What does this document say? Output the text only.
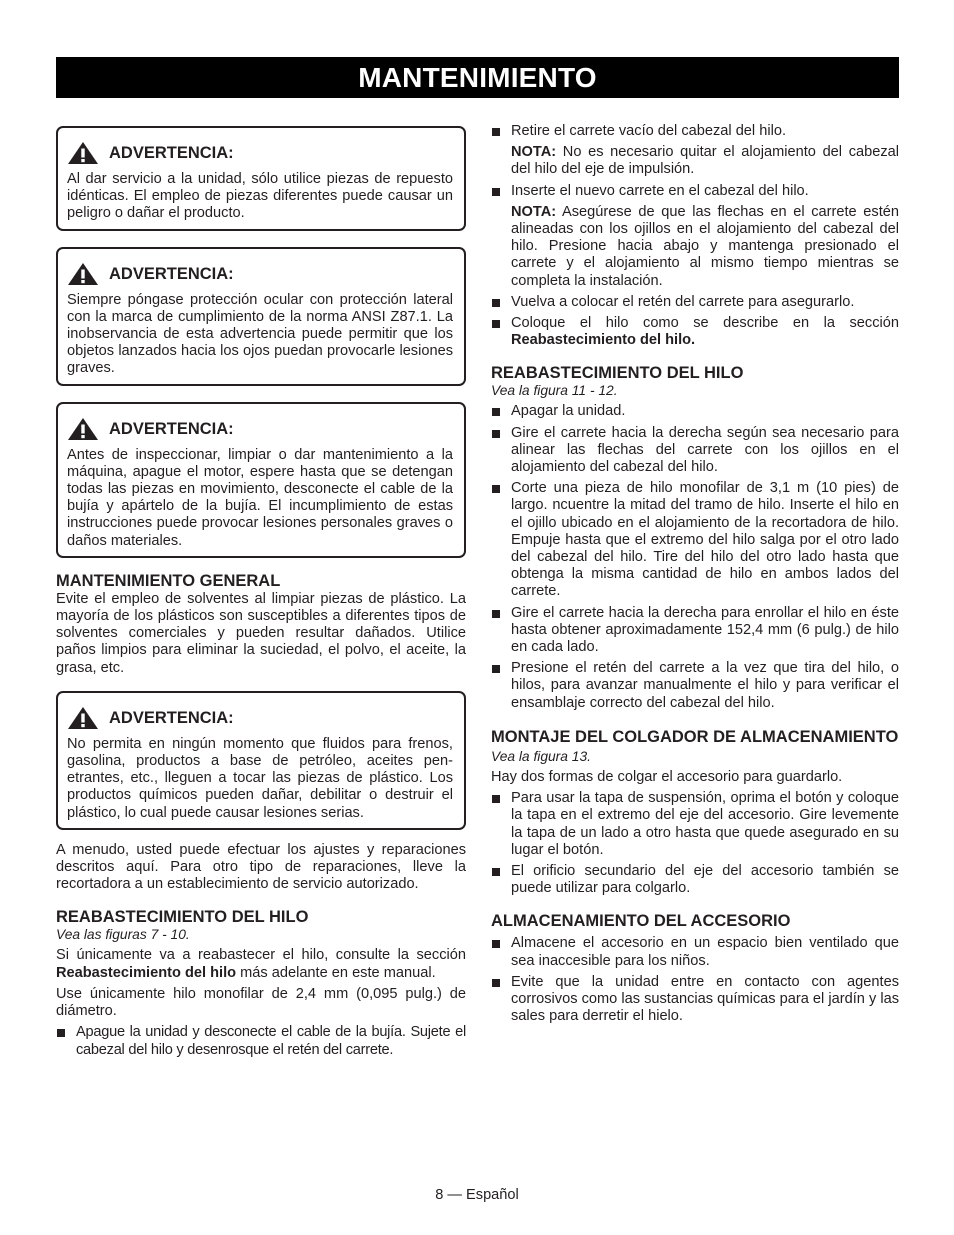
MANTENIMIENTO
ADVERTENCIA:

Al dar servicio a la unidad, sólo utilice piezas de repuesto idénticas. El empleo de piezas diferentes puede causar un peligro o dañar el producto.

ADVERTENCIA:

Siempre póngase protección ocular con protección lateral con la marca de cumplimiento de la norma ANSI Z87.1. La inobservancia de esta advertencia puede permitir que los objetos lanzados hacia los ojos puedan provocarle lesiones graves.

ADVERTENCIA:

Antes de inspeccionar, limpiar o dar mantenimiento a la máquina, apague el motor, espere hasta que se detengan todas las piezas en movimiento, desconecte el cable de la bujía y apártelo de la bujía. El incumplimiento de estas instrucciones puede provocar lesiones personales graves o daños materiales.

MANTENIMIENTO GENERAL

Evite el empleo de solventes al limpiar piezas de plástico. La mayoría de los plásticos son susceptibles a diferentes tipos de solventes comerciales y pueden resultar dañados. Utilice paños limpios para eliminar la suciedad, el polvo, el aceite, la grasa, etc.

ADVERTENCIA:

No permita en ningún momento que fluidos para frenos, gasolina, productos a base de petróleo, aceites pen- etrantes, etc., lleguen a tocar las piezas de plástico. Los productos químicos pueden dañar, debilitar o destruir el plástico, lo cual puede causar lesiones serias.

A menudo, usted puede efectuar los ajustes y reparaciones descritos aquí. Para otro tipo de reparaciones, lleve la recortadora a un establecimiento de servicio autorizado.

REABASTECIMIENTO DEL HILO

Vea las figuras 7 - 10.

Si únicamente va a reabastecer el hilo, consulte la sección Reabastecimiento del hilo más adelante en este manual.

Use únicamente hilo monofilar de 2,4 mm (0,095 pulg.) de diámetro.

Apague la unidad y desconecte el cable de la bujía. Sujete el cabezal del hilo y desenrosque el retén del carrete.
Retire el carrete vacío del cabezal del hilo.

NOTA: No es necesario quitar el alojamiento del cabezal del hilo del eje de impulsión.

Inserte el nuevo carrete en el cabezal del hilo.

NOTA: Asegúrese de que las flechas en el carrete estén alineadas con los ojillos en el alojamiento del cabezal del hilo. Presione hacia abajo y mantenga presionado el carrete y el alojamiento al mismo tiempo mientras se completa la instalación.

Vuelva a colocar el retén del carrete para asegurarlo.
Coloque el hilo como se describe en la sección Reabastecimiento del hilo.
REABASTECIMIENTO DEL HILO

Vea la figura 11 - 12.

Apagar la unidad.
Gire el carrete hacia la derecha según sea necesario para alinear las flechas del carrete con los ojillos en el alojamiento del cabezal del hilo.
Corte una pieza de hilo monofilar de 3,1 m (10 pies) de largo. ncuentre la mitad del tramo de hilo. Inserte el hilo en el ojillo ubicado en el alojamiento de la recortadora de hilo. Empuje hasta que el extremo del hilo salga por el otro lado del cabezal del hilo. Tire del hilo del otro lado hasta que obtenga la misma cantidad de hilo en ambos lados del carrete.
Gire el carrete hacia la derecha para enrollar el hilo en éste hasta obtener aproximadamente 152,4 mm (6 pulg.) de hilo en cada lado.
Presione el retén del carrete a la vez que tira del hilo, o hilos, para avanzar manualmente el hilo y para verificar el ensamblaje correcto del cabezal del hilo.
MONTAJE DEL COLGADOR DE ALMACENAMIENTO

Vea la figura 13.

Hay dos formas de colgar el accesorio para guardarlo.

Para usar la tapa de suspensión, oprima el botón y coloque la tapa en el extremo del eje del accesorio. Gire levemente la tapa de un lado a otro hasta que quede asegurado en su lugar el botón.
El orificio secundario del eje del accesorio también se puede utilizar para colgarlo.
ALMACENAMIENTO DEL ACCESORIO
Almacene el accesorio en un espacio bien ventilado que sea inaccesible para los niños.
Evite que la unidad entre en contacto con agentes corrosivos como las sustancias químicas para el jardín y las sales para derretir el hielo.
8 — Español
